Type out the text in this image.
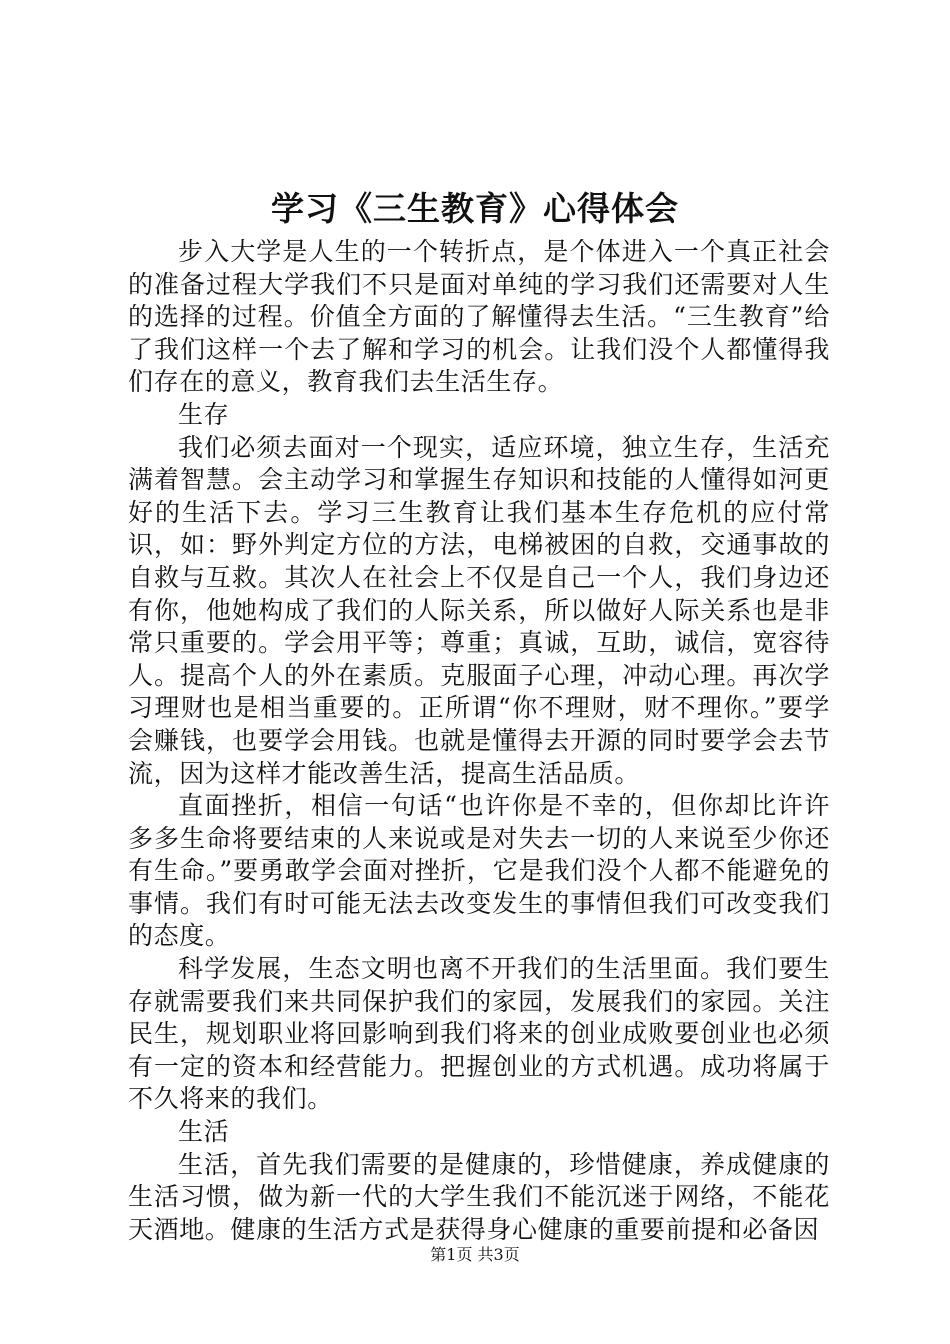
学习《三生教育》心得体会

步入大学是人生的一个转折点，是个体进入一个真正社会的准备过程大学我们不只是面对单纯的学习我们还需要对人生的选择的过程。价值全方面的了解懂得去生活。“三生教育”给了我们这样一个去了解和学习的机会。让我们没个人都懂得我们存在的意义，教育我们去生活生存。

生存

我们必须去面对一个现实，适应环境，独立生存，生活充满着智慧。会主动学习和掌握生存知识和技能的人懂得如河更好的生活下去。学习三生教育让我们基本生存危机的应付常识，如：野外判定方位的方法，电梯被困的自救，交通事故的自救与互救。其次人在社会上不仅是自己一个人，我们身边还有你，他她构成了我们的人际关系，所以做好人际关系也是非常只重要的。学会用平等；尊重；真诚，互助，诚信，宽容待人。提高个人的外在素质。克服面子心理，冲动心理。再次学习理财也是相当重要的。正所谓“你不理财，财不理你。”要学会赚钱，也要学会用钱。也就是懂得去开源的同时要学会去节流，因为这样才能改善生活，提高生活品质。

直面挫折，相信一句话“也许你是不幸的，但你却比许许多多生命将要结束的人来说或是对失去一切的人来说至少你还有生命。”要勇敢学会面对挫折，它是我们没个人都不能避免的事情。我们有时可能无法去改变发生的事情但我们可改变我们的态度。

科学发展，生态文明也离不开我们的生活里面。我们要生存就需要我们来共同保护我们的家园，发展我们的家园。关注民生，规划职业将回影响到我们将来的创业成败要创业也必须有一定的资本和经营能力。把握创业的方式机遇。成功将属于不久将来的我们。

生活

生活，首先我们需要的是健康的，珍惜健康，养成健康的生活习惯，做为新一代的大学生我们不能沉迷于网络，不能花天酒地。健康的生活方式是获得身心健康的重要前提和必备因

第1页 共3页
